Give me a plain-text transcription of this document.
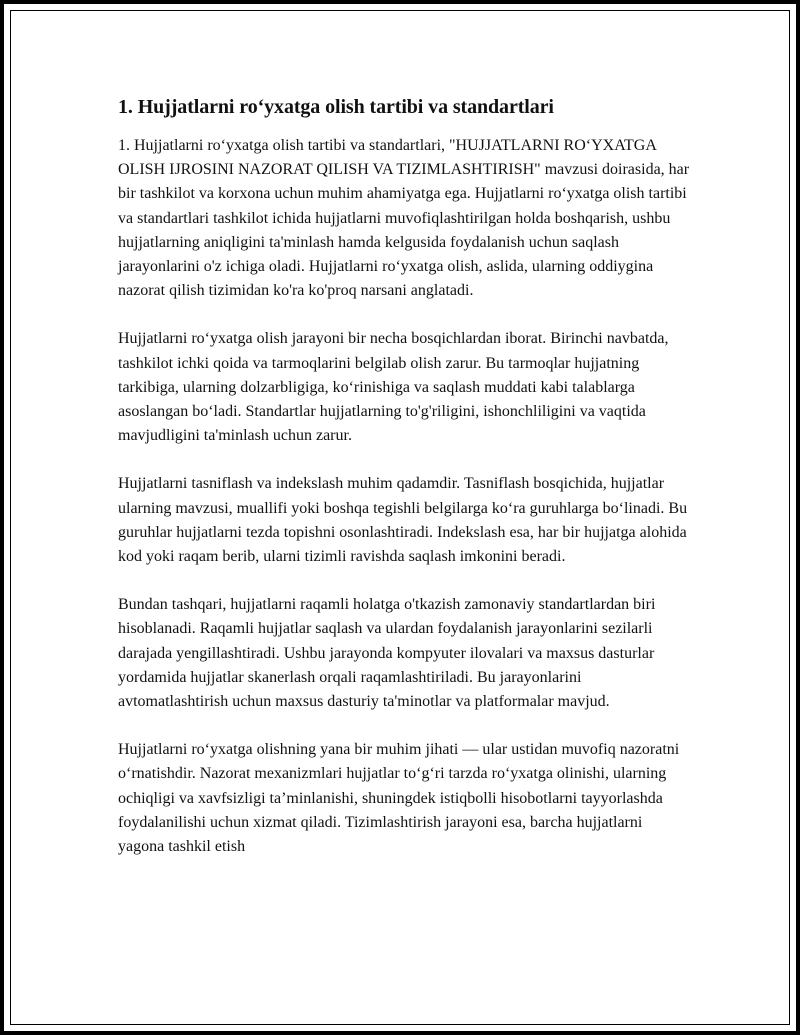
1. Hujjatlarni ro‘yxatga olish tartibi va standartlari

1. Hujjatlarni ro‘yxatga olish tartibi va standartlari, "HUJJATLARNI RO‘YXATGA OLISH IJROSINI NAZORAT QILISH VA TIZIMLASHTIRISH" mavzusi doirasida, har bir tashkilot va korxona uchun muhim ahamiyatga ega. Hujjatlarni ro‘yxatga olish tartibi va standartlari tashkilot ichida hujjatlarni muvofiqlashtirilgan holda boshqarish, ushbu hujjatlarning aniqligini ta'minlash hamda kelgusida foydalanish uchun saqlash jarayonlarini o'z ichiga oladi. Hujjatlarni ro‘yxatga olish, aslida, ularning oddiygina nazorat qilish tizimidan ko'ra ko'proq narsani anglatadi.

Hujjatlarni ro‘yxatga olish jarayoni bir necha bosqichlardan iborat. Birinchi navbatda, tashkilot ichki qoida va tarmoqlarini belgilab olish zarur. Bu tarmoqlar hujjatning tarkibiga, ularning dolzarbligiga, ko‘rinishiga va saqlash muddati kabi talablarga asoslangan bo‘ladi. Standartlar hujjatlarning to'g'riligini, ishonchliligini va vaqtida mavjudligini ta'minlash uchun zarur.

Hujjatlarni tasniflash va indekslash muhim qadamdir. Tasniflash bosqichida, hujjatlar ularning mavzusi, muallifi yoki boshqa tegishli belgilarga ko‘ra guruhlarga bo‘linadi. Bu guruhlar hujjatlarni tezda topishni osonlashtiradi. Indekslash esa, har bir hujjatga alohida kod yoki raqam berib, ularni tizimli ravishda saqlash imkonini beradi.

Bundan tashqari, hujjatlarni raqamli holatga o'tkazish zamonaviy standartlardan biri hisoblanadi. Raqamli hujjatlar saqlash va ulardan foydalanish jarayonlarini sezilarli darajada yengillashtiradi. Ushbu jarayonda kompyuter ilovalari va maxsus dasturlar yordamida hujjatlar skanerlash orqali raqamlashtiriladi. Bu jarayonlarini avtomatlashtirish uchun maxsus dasturiy ta'minotlar va platformalar mavjud.

Hujjatlarni ro‘yxatga olishning yana bir muhim jihati — ular ustidan muvofiq nazoratni o‘rnatishdir. Nazorat mexanizmlari hujjatlar to‘g‘ri tarzda ro‘yxatga olinishi, ularning ochiqligi va xavfsizligi ta’minlanishi, shuningdek istiqbolli hisobotlarni tayyorlashda foydalanilishi uchun xizmat qiladi. Tizimlashtirish jarayoni esa, barcha hujjatlarni yagona tashkil etish
